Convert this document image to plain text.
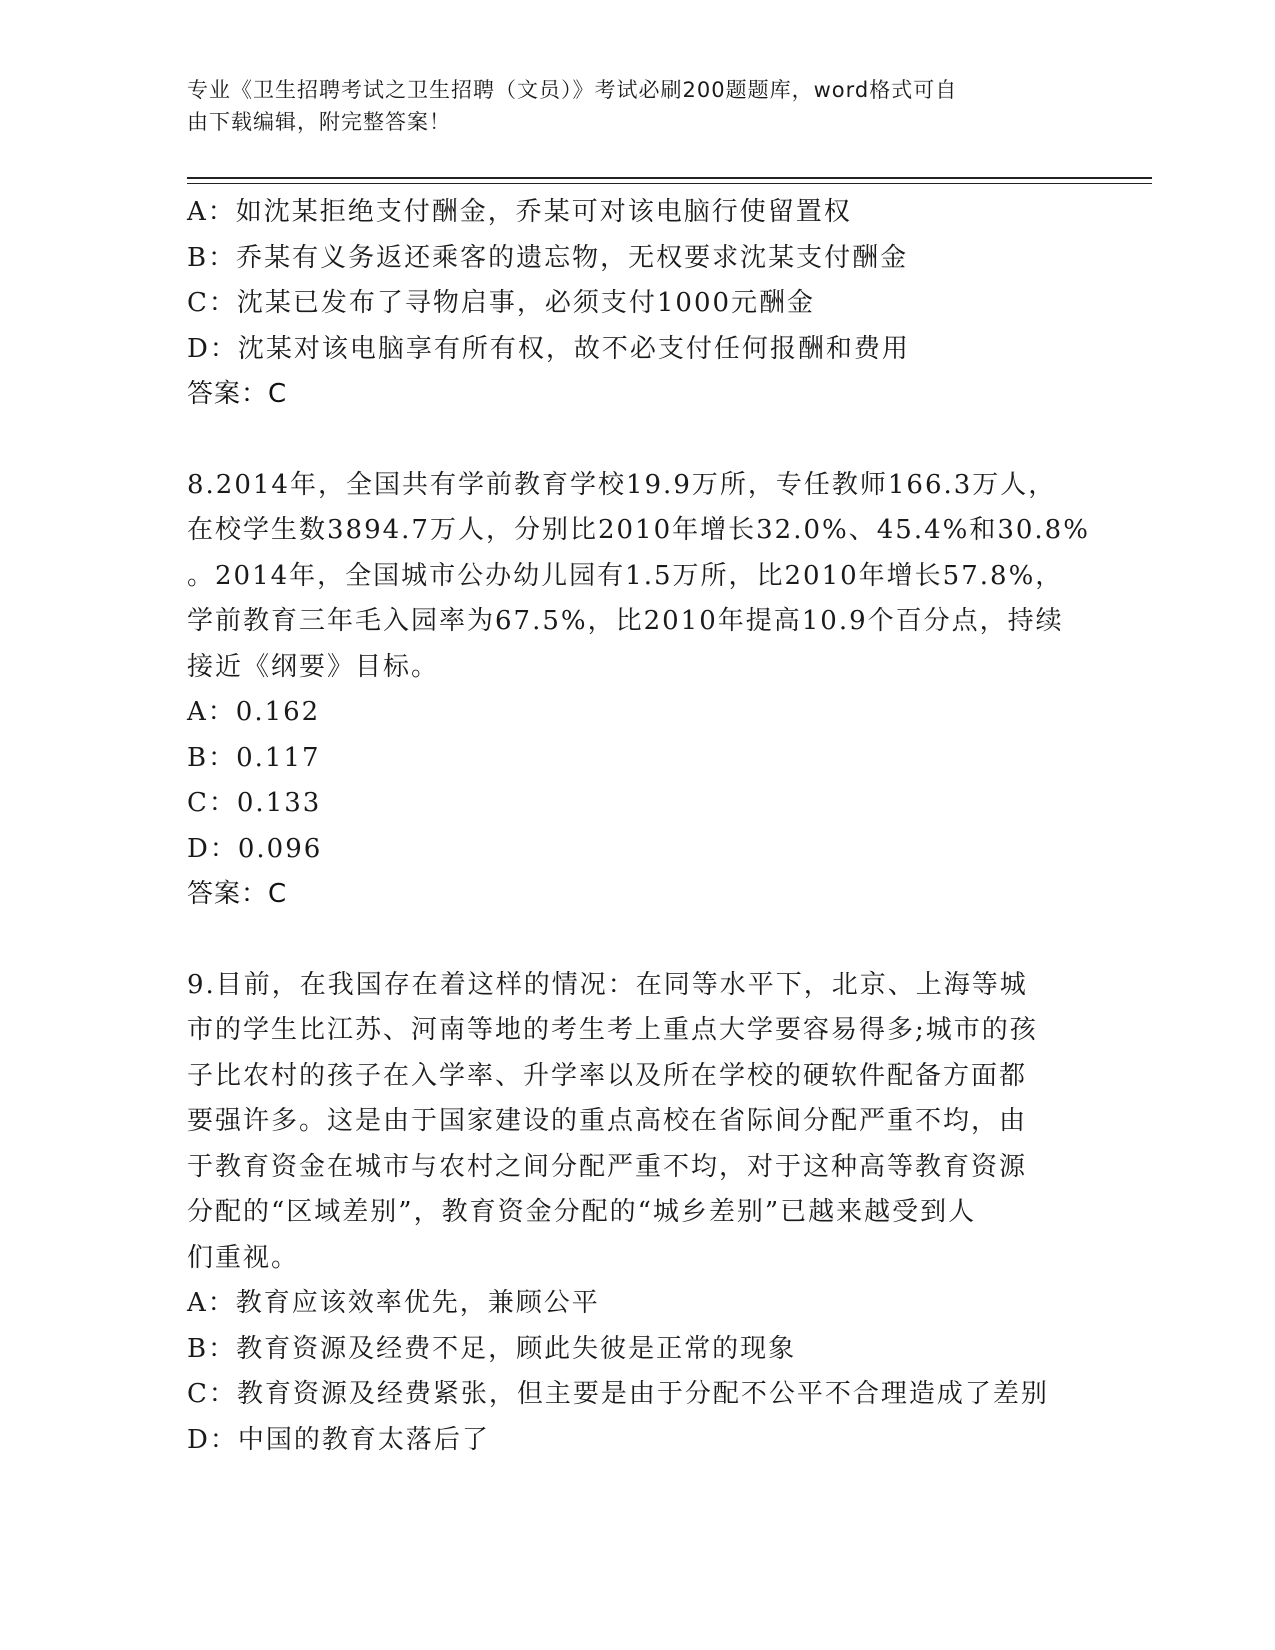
专业《卫生招聘考试之卫生招聘（文员）》考试必刷200题题库，word格式可自
由下载编辑，附完整答案！
A：如沈某拒绝支付酬金，乔某可对该电脑行使留置权
B：乔某有义务返还乘客的遗忘物，无权要求沈某支付酬金
C：沈某已发布了寻物启事，必须支付1000元酬金
D：沈某对该电脑享有所有权，故不必支付任何报酬和费用
答案：C
8.2014年，全国共有学前教育学校19.9万所，专任教师166.3万人，
在校学生数3894.7万人，分别比2010年增长32.0%、45.4%和30.8%
。2014年，全国城市公办幼儿园有1.5万所，比2010年增长57.8%，
学前教育三年毛入园率为67.5%，比2010年提高10.9个百分点，持续
接近《纲要》目标。
A：0.162
B：0.117
C：0.133
D：0.096
答案：C
9.目前，在我国存在着这样的情况：在同等水平下，北京、上海等城
市的学生比江苏、河南等地的考生考上重点大学要容易得多;城市的孩
子比农村的孩子在入学率、升学率以及所在学校的硬软件配备方面都
要强许多。这是由于国家建设的重点高校在省际间分配严重不均，由
于教育资金在城市与农村之间分配严重不均，对于这种高等教育资源
分配的“区域差别”，教育资金分配的“城乡差别”已越来越受到人
们重视。
A：教育应该效率优先，兼顾公平
B：教育资源及经费不足，顾此失彼是正常的现象
C：教育资源及经费紧张，但主要是由于分配不公平不合理造成了差别
D：中国的教育太落后了
